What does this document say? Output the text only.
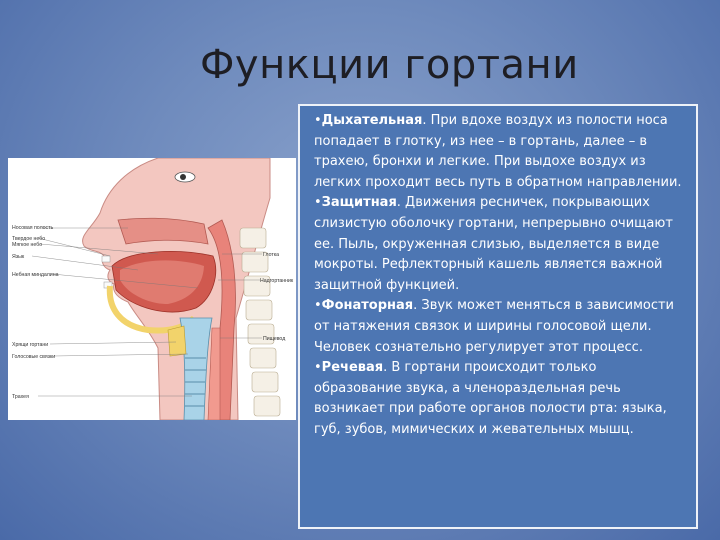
Функции гортани
Носовая полость
Твердое небо
Мягкое небо
Язык
Небная миндалина
Хрящи гортани
Голосовые связки
Трахея
Глотка
Надгортанник
Пищевод

•Дыхательная. При вдохе воздух из полости носа попадает в глотку, из нее – в гортань, далее – в трахею, бронхи и легкие. При выдохе воздух из легких проходит весь путь в обратном направлении.

•Защитная. Движения ресничек, покрывающих слизистую оболочку гортани, непрерывно очищают ее. Пыль, окруженная слизью, выделяется в виде мокроты. Рефлекторный кашель является важной защитной функцией.

•Фонаторная. Звук может меняться в зависимости от натяжения связок и ширины голосовой щели. Человек сознательно регулирует этот процесс.

•Речевая. В гортани происходит только образование звука, а членораздельная речь возникает при работе органов полости рта: языка, губ, зубов, мимических и жевательных мышц.
